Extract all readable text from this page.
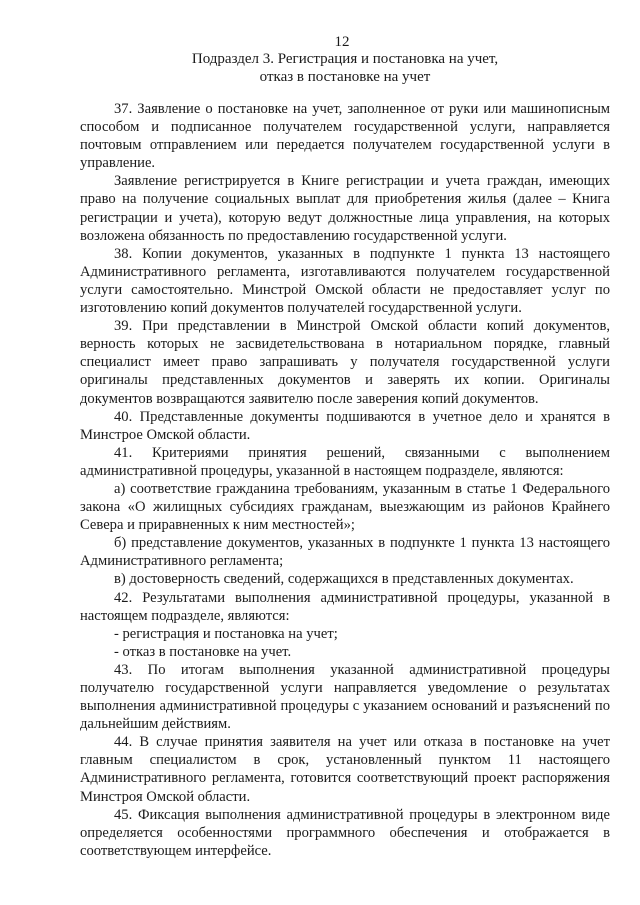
12
Подраздел 3. Регистрация и постановка на учет,
отказ в постановке на учет

37. Заявление о постановке на учет, заполненное от руки или машинописным способом и подписанное получателем государственной услуги, направляется почтовым отправлением или передается получателем государственной услуги в управление.

Заявление регистрируется в Книге регистрации и учета граждан, имеющих право на получение социальных выплат для приобретения жилья (далее – Книга регистрации и учета), которую ведут должностные лица управления, на которых возложена обязанность по предоставлению государственной услуги.

38. Копии документов, указанных в подпункте 1 пункта 13 настоящего Административного регламента, изготавливаются получателем государственной услуги самостоятельно. Минстрой Омской области не предоставляет услуг по изготовлению копий документов получателей государственной услуги.

39. При представлении в Минстрой Омской области копий документов, верность которых не засвидетельствована в нотариальном порядке, главный специалист имеет право запрашивать у получателя государственной услуги оригиналы представленных документов и заверять их копии. Оригиналы документов возвращаются заявителю после заверения копий документов.

40. Представленные документы подшиваются в учетное дело и хранятся в Минстрое Омской области.

41. Критериями принятия решений, связанными с выполнением административной процедуры, указанной в настоящем подразделе, являются:

а) соответствие гражданина требованиям, указанным в статье 1 Федерального закона «О жилищных субсидиях гражданам, выезжающим из районов Крайнего Севера и приравненных к ним местностей»;

б) представление документов, указанных в подпункте 1 пункта 13 настоящего Административного регламента;

в) достоверность сведений, содержащихся в представленных документах.

42. Результатами выполнения административной процедуры, указанной в настоящем подразделе, являются:

- регистрация и постановка на учет;

- отказ в постановке на учет.

43. По итогам выполнения указанной административной процедуры получателю государственной услуги направляется уведомление о результатах выполнения административной процедуры с указанием оснований и разъяснений по дальнейшим действиям.

44. В случае принятия заявителя на учет или отказа в постановке на учет главным специалистом в срок, установленный пунктом 11 настоящего Административного регламента, готовится соответствующий проект распоряжения Минстроя Омской области.

45. Фиксация выполнения административной процедуры в электронном виде определяется особенностями программного обеспечения и отображается в соответствующем интерфейсе.
